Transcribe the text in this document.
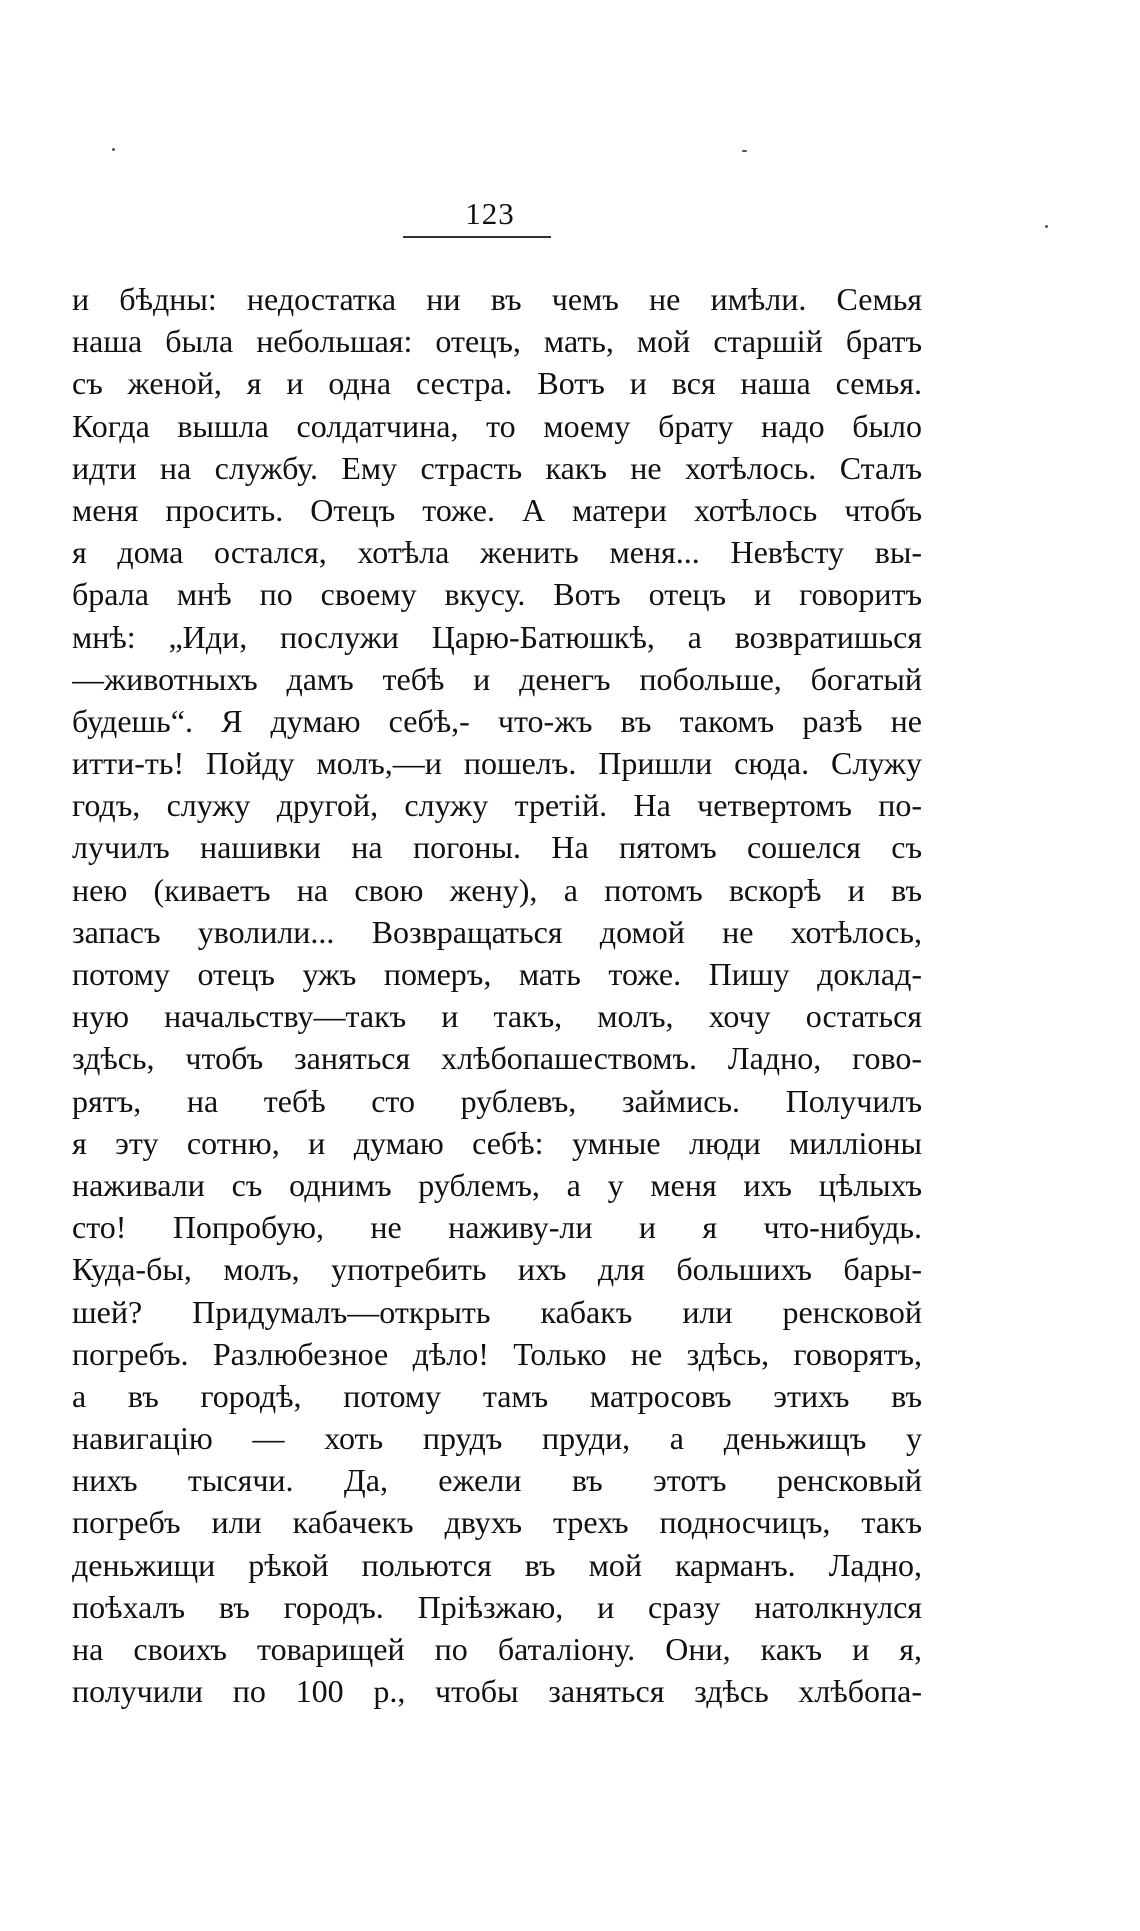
123
и бѣдны: недостатка ни въ чемъ не имѣли. Семья
наша была небольшая: отецъ, мать, мой старшій братъ
съ женой, я и одна сестра. Вотъ и вся наша семья.
Когда вышла солдатчина, то моему брату надо было
идти на службу. Ему страсть какъ не хотѣлось. Сталъ
меня просить. Отецъ тоже. А матери хотѣлось чтобъ
я дома остался, хотѣла женить меня... Невѣсту вы-
брала мнѣ по своему вкусу. Вотъ отецъ и говоритъ
мнѣ: „Иди, послужи Царю-Батюшкѣ, а возвратишься
—животныхъ дамъ тебѣ и денегъ побольше, богатый
будешь“. Я думаю себѣ,- что-жъ въ такомъ разѣ не
итти-ть! Пойду молъ,—и пошелъ. Пришли сюда. Служу
годъ, служу другой, служу третій. На четвертомъ по-
лучилъ нашивки на погоны. На пятомъ сошелся съ
нею (киваетъ на свою жену), а потомъ вскорѣ и въ
запасъ уволили... Возвращаться домой не хотѣлось,
потому отецъ ужъ померъ, мать тоже. Пишу доклад-
ную начальству—такъ и такъ, молъ, хочу остаться
здѣсь, чтобъ заняться хлѣбопашествомъ. Ладно, гово-
рятъ, на тебѣ сто рублевъ, займись. Получилъ
я эту сотню, и думаю себѣ: умные люди милліоны
наживали съ однимъ рублемъ, а у меня ихъ цѣлыхъ
сто! Попробую, не наживу-ли и я что-нибудь.
Куда-бы, молъ, употребить ихъ для большихъ бары-
шей? Придумалъ—открыть кабакъ или ренсковой
погребъ. Разлюбезное дѣло! Только не здѣсь, говорятъ,
а въ городѣ, потому тамъ матросовъ этихъ въ
навигацію — хоть прудъ пруди, а деньжищъ у
нихъ тысячи. Да, ежели въ этотъ ренсковый
погребъ или кабачекъ двухъ трехъ подносчицъ, такъ
деньжищи рѣкой польются въ мой карманъ. Ладно,
поѣхалъ въ городъ. Пріѣзжаю, и сразу натолкнулся
на своихъ товарищей по баталіону. Они, какъ и я,
получили по 100 р., чтобы заняться здѣсь хлѣбопа-
